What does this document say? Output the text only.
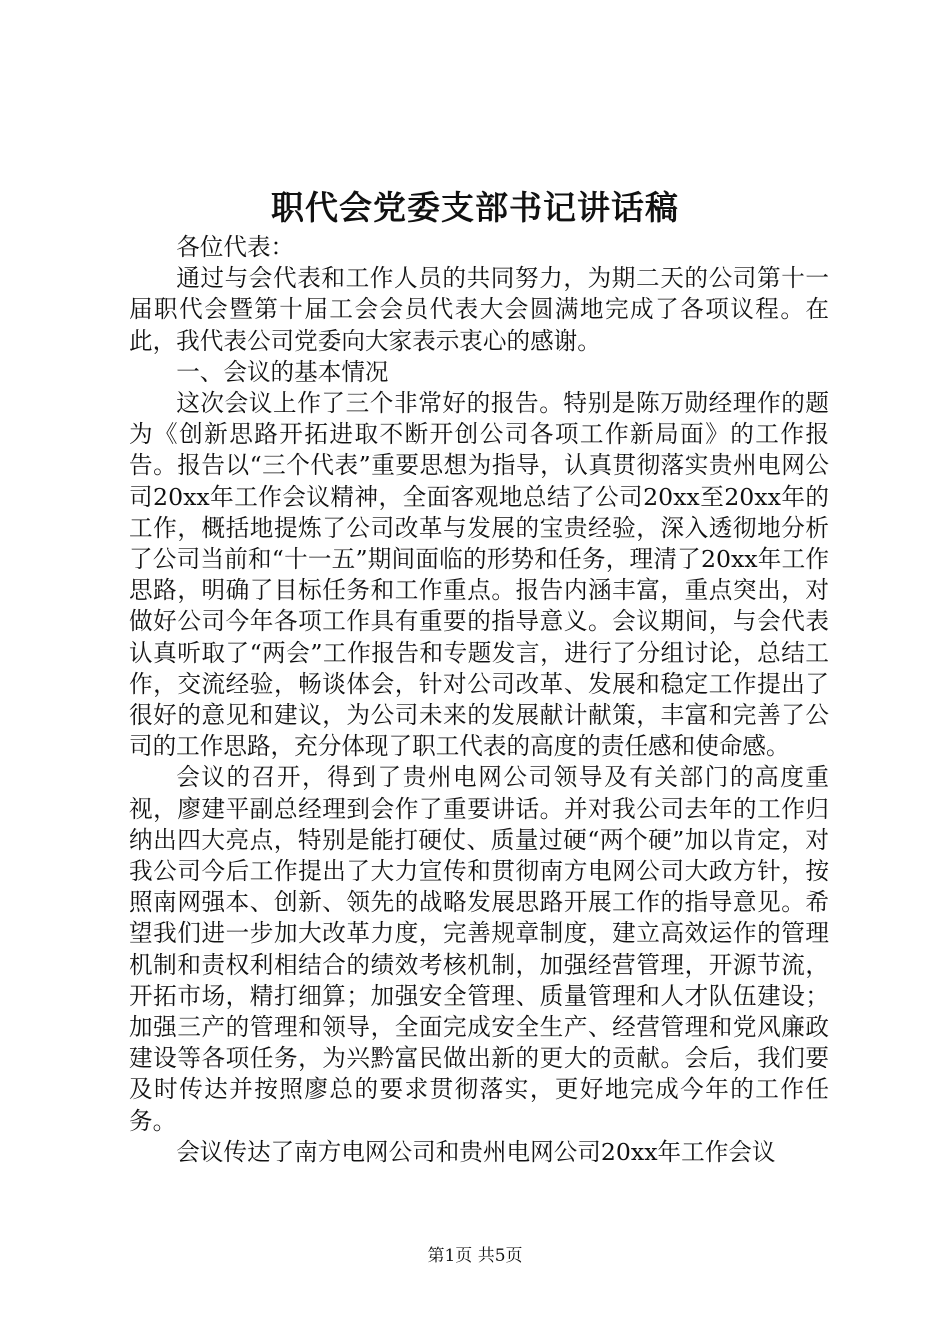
职代会党委支部书记讲话稿

各位代表：

通过与会代表和工作人员的共同努力，为期二天的公司第十一届职代会暨第十届工会会员代表大会圆满地完成了各项议程。在此，我代表公司党委向大家表示衷心的感谢。

一、会议的基本情况

这次会议上作了三个非常好的报告。特别是陈万勋经理作的题为《创新思路开拓进取不断开创公司各项工作新局面》的工作报告。报告以“三个代表”重要思想为指导，认真贯彻落实贵州电网公司20xx年工作会议精神，全面客观地总结了公司20xx至20xx年的工作，概括地提炼了公司改革与发展的宝贵经验，深入透彻地分析了公司当前和“十一五”期间面临的形势和任务，理清了20xx年工作思路，明确了目标任务和工作重点。报告内涵丰富，重点突出，对做好公司今年各项工作具有重要的指导意义。会议期间，与会代表认真听取了“两会”工作报告和专题发言，进行了分组讨论，总结工作，交流经验，畅谈体会，针对公司改革、发展和稳定工作提出了很好的意见和建议，为公司未来的发展献计献策，丰富和完善了公司的工作思路，充分体现了职工代表的高度的责任感和使命感。

会议的召开，得到了贵州电网公司领导及有关部门的高度重视，廖建平副总经理到会作了重要讲话。并对我公司去年的工作归纳出四大亮点，特别是能打硬仗、质量过硬“两个硬”加以肯定，对我公司今后工作提出了大力宣传和贯彻南方电网公司大政方针，按照南网强本、创新、领先的战略发展思路开展工作的指导意见。希望我们进一步加大改革力度，完善规章制度，建立高效运作的管理机制和责权利相结合的绩效考核机制，加强经营管理，开源节流，开拓市场，精打细算；加强安全管理、质量管理和人才队伍建设；加强三产的管理和领导，全面完成安全生产、经营管理和党风廉政建设等各项任务，为兴黔富民做出新的更大的贡献。会后，我们要及时传达并按照廖总的要求贯彻落实，更好地完成今年的工作任务。

会议传达了南方电网公司和贵州电网公司20xx年工作会议

第1页 共5页
